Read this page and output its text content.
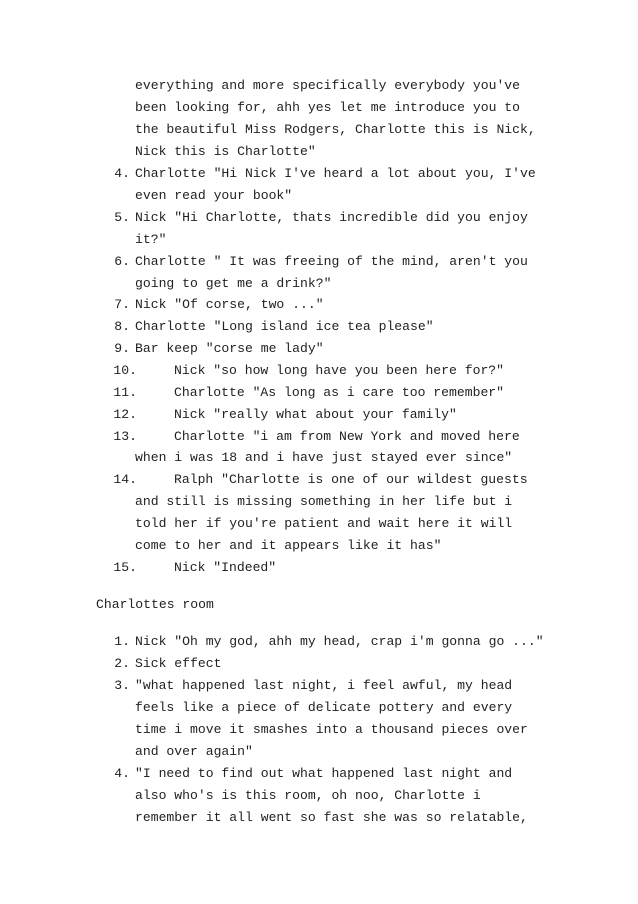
everything and more specifically everybody you've
been looking for, ahh yes let me introduce you to
the beautiful Miss Rodgers, Charlotte this is Nick,
Nick this is Charlotte"
4. Charlotte "Hi Nick I've heard a lot about you, I've
even read your book"
5. Nick "Hi Charlotte, thats incredible did you enjoy
it?"
6. Charlotte " It was freeing of the mind, aren't you
going to get me a drink?"
7. Nick "Of corse, two ..."
8. Charlotte "Long island ice tea please"
9. Bar keep "corse me lady"
10.	Nick "so how long have you been here for?"
11.	Charlotte "As long as i care too remember"
12.	Nick "really what about your family"
13.	Charlotte "i am from New York and moved here
when i was 18 and i have just stayed ever since"
14.	Ralph "Charlotte is one of our wildest guests
and still is missing something in her life but i
told her if you're patient and wait here it will
come to her and it appears like it has"
15.	Nick "Indeed"
Charlottes room
1. Nick "Oh my god, ahh my head, crap i'm gonna go ..."
2. Sick effect
3. "what happened last night, i feel awful, my head
feels like a piece of delicate pottery and every
time i move it smashes into a thousand pieces over
and over again"
4. "I need to find out what happened last night and
also who's is this room, oh noo, Charlotte i
remember it all went so fast she was so relatable,
